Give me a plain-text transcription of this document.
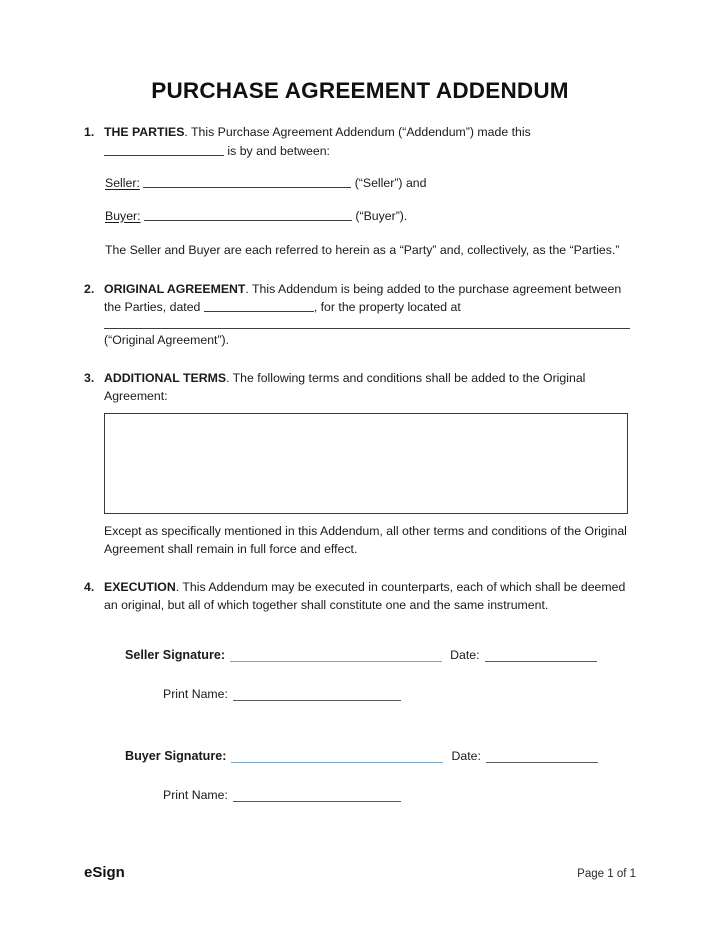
PURCHASE AGREEMENT ADDENDUM
1. THE PARTIES. This Purchase Agreement Addendum (“Addendum”) made this
is by and between:
Seller:	(“Seller”) and
Buyer:	(“Buyer”).
The Seller and Buyer are each referred to herein as a “Party” and, collectively, as the “Parties.”
2. ORIGINAL AGREEMENT. This Addendum is being added to the purchase agreement between the Parties, dated	, for the property located at
(“Original Agreement”).
3. ADDITIONAL TERMS. The following terms and conditions shall be added to the Original Agreement:
Except as specifically mentioned in this Addendum, all other terms and conditions of the Original Agreement shall remain in full force and effect.
4. EXECUTION. This Addendum may be executed in counterparts, each of which shall be deemed an original, but all of which together shall constitute one and the same instrument.
Seller Signature:	Date:
Print Name:
Buyer Signature:	Date:
Print Name:
eSign	Page 1 of 1
